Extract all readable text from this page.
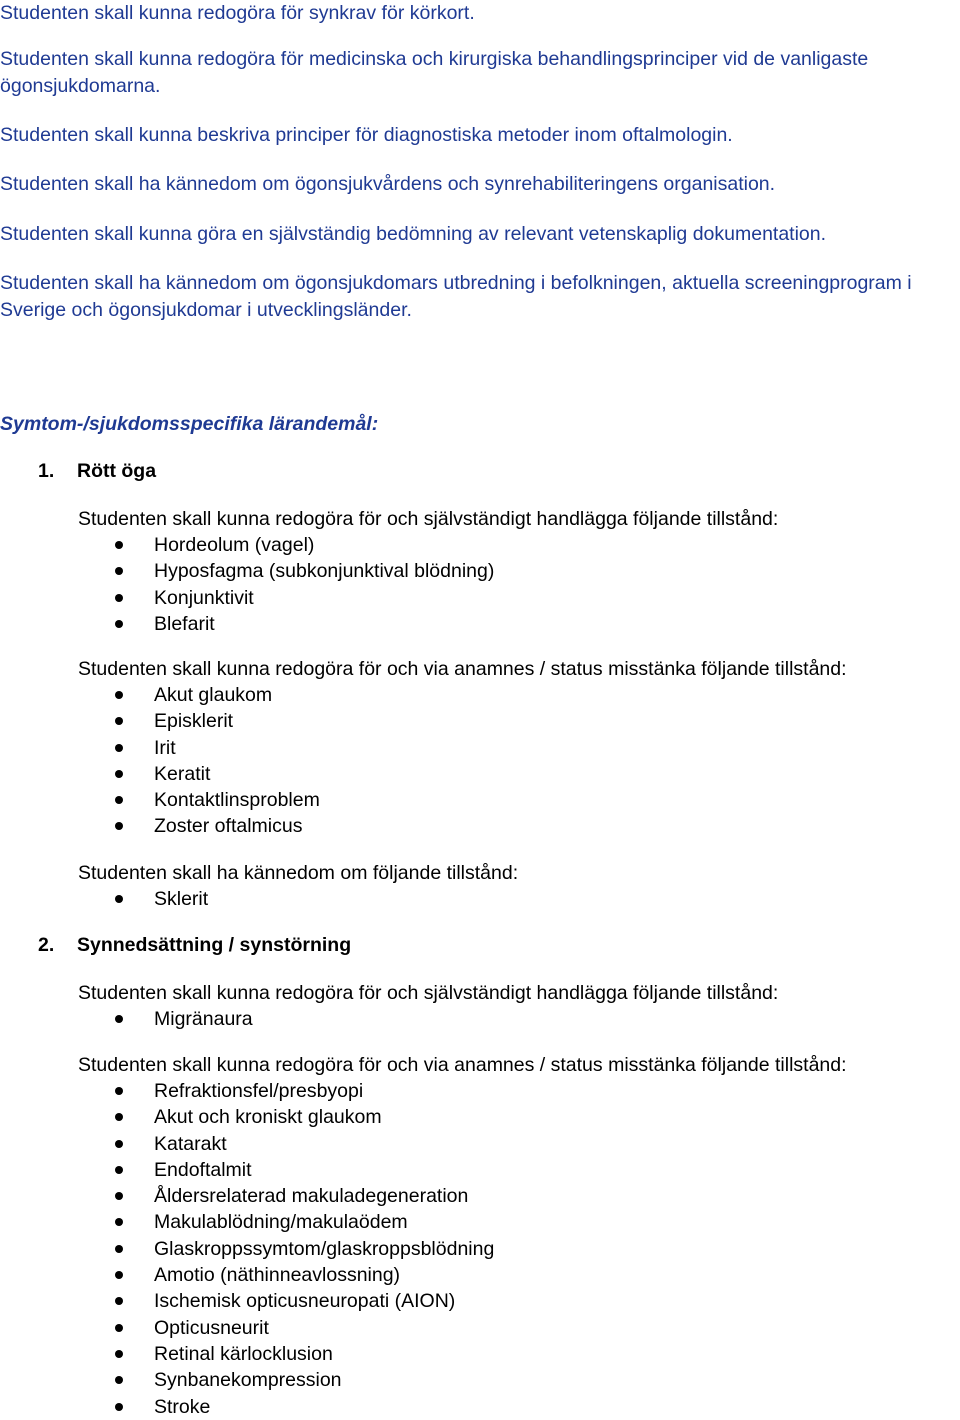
Studenten skall kunna redogöra för synkrav för körkort.
Studenten skall kunna redogöra för medicinska och kirurgiska behandlingsprinciper vid de vanligaste ögonsjukdomarna.
Studenten skall kunna beskriva principer för diagnostiska metoder inom oftalmologin.
Studenten skall ha kännedom om ögonsjukvårdens och synrehabiliteringens organisation.
Studenten skall kunna göra en självständig bedömning av relevant vetenskaplig dokumentation.
Studenten skall ha kännedom om ögonsjukdomars utbredning i befolkningen, aktuella screeningprogram i Sverige och ögonsjukdomar i utvecklingsländer.
Symtom-/sjukdomsspecifika lärandemål:
1. Rött öga
Studenten skall kunna redogöra för och självständigt handlägga följande tillstånd:
Hordeolum (vagel)
Hyposfagma (subkonjunktival blödning)
Konjunktivit
Blefarit
Studenten skall kunna redogöra för och via anamnes / status misstänka följande tillstånd:
Akut glaukom
Episklerit
Irit
Keratit
Kontaktlinsproblem
Zoster oftalmicus
Studenten skall ha kännedom om följande tillstånd:
Sklerit
2. Synnedsättning / synstörning
Studenten skall kunna redogöra för och självständigt handlägga följande tillstånd:
Migränaura
Studenten skall kunna redogöra för och via anamnes / status misstänka följande tillstånd:
Refraktionsfel/presbyopi
Akut och kroniskt glaukom
Katarakt
Endoftalmit
Åldersrelaterad makuladegeneration
Makulablödning/makulaödem
Glaskroppssymtom/glaskroppsblödning
Amotio (näthinneavlossning)
Ischemisk opticusneuropati (AION)
Opticusneurit
Retinal kärlocklusion
Synbanekompression
Stroke
